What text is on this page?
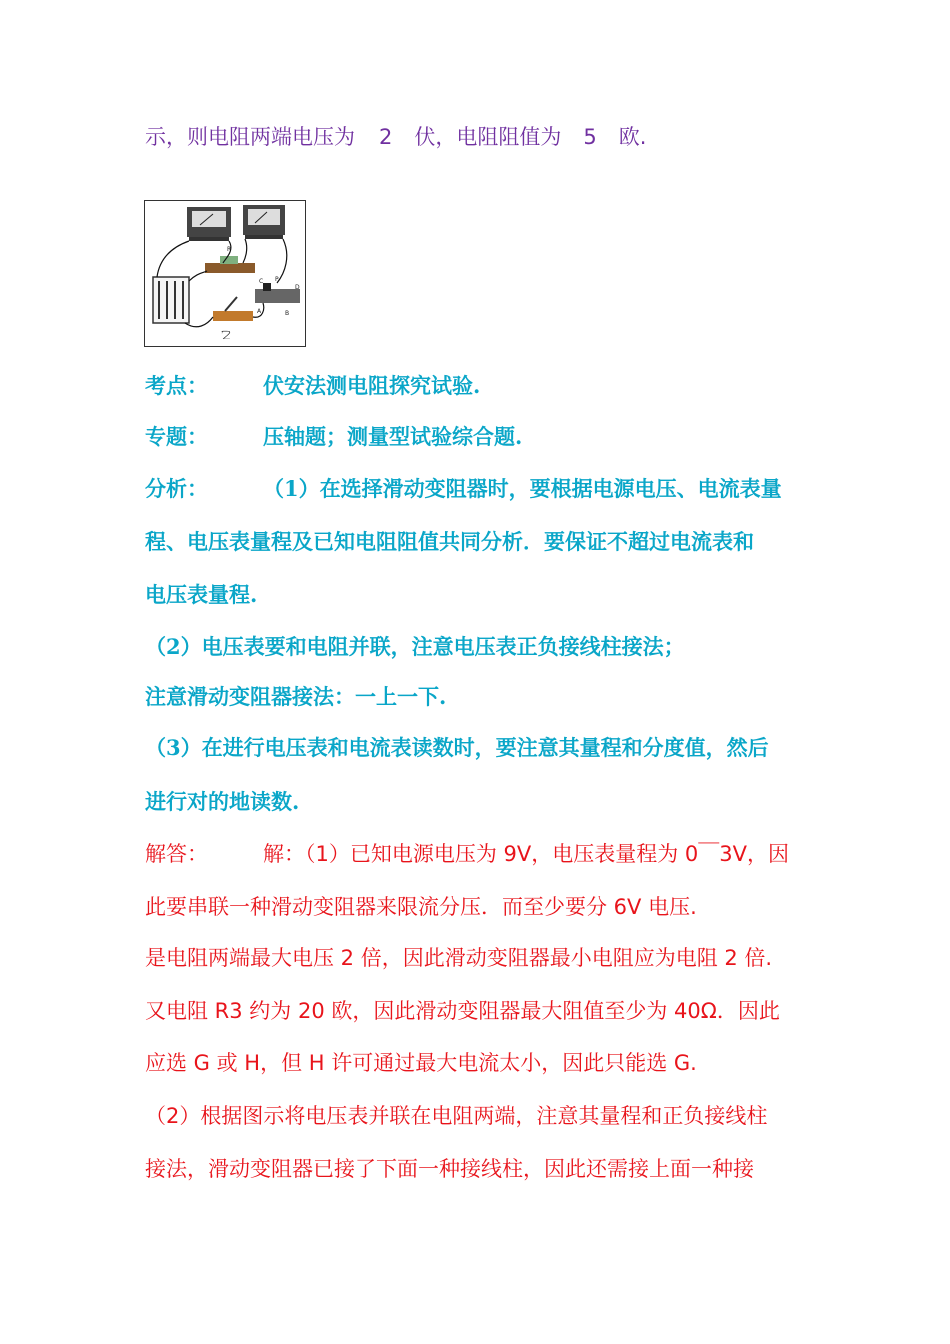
示，则电阻两端电压为 2 伏，电阻阻值为 5 欧.
R
C P
D
A	B
乙
考点：	伏安法测电阻探究试验.
专题：	压轴题；测量型试验综合题.
分析：	（1）在选择滑动变阻器时，要根据电源电压、电流表量
程、电压表量程及已知电阻阻值共同分析．要保证不超过电流表和
电压表量程.
（2）电压表要和电阻并联，注意电压表正负接线柱接法；
注意滑动变阻器接法：一上一下.
（3）在进行电压表和电流表读数时，要注意其量程和分度值，然后
进行对的地读数.
解答：	解：（1）已知电源电压为 9V，电压表量程为 0￣3V，因
此要串联一种滑动变阻器来限流分压．而至少要分 6V 电压.
是电阻两端最大电压 2 倍，因此滑动变阻器最小电阻应为电阻 2 倍.
又电阻 R3 约为 20 欧，因此滑动变阻器最大阻值至少为 40Ω．因此
应选 G 或 H，但 H 许可通过最大电流太小，因此只能选 G.
（2）根据图示将电压表并联在电阻两端，注意其量程和正负接线柱
接法，滑动变阻器已接了下面一种接线柱，因此还需接上面一种接
